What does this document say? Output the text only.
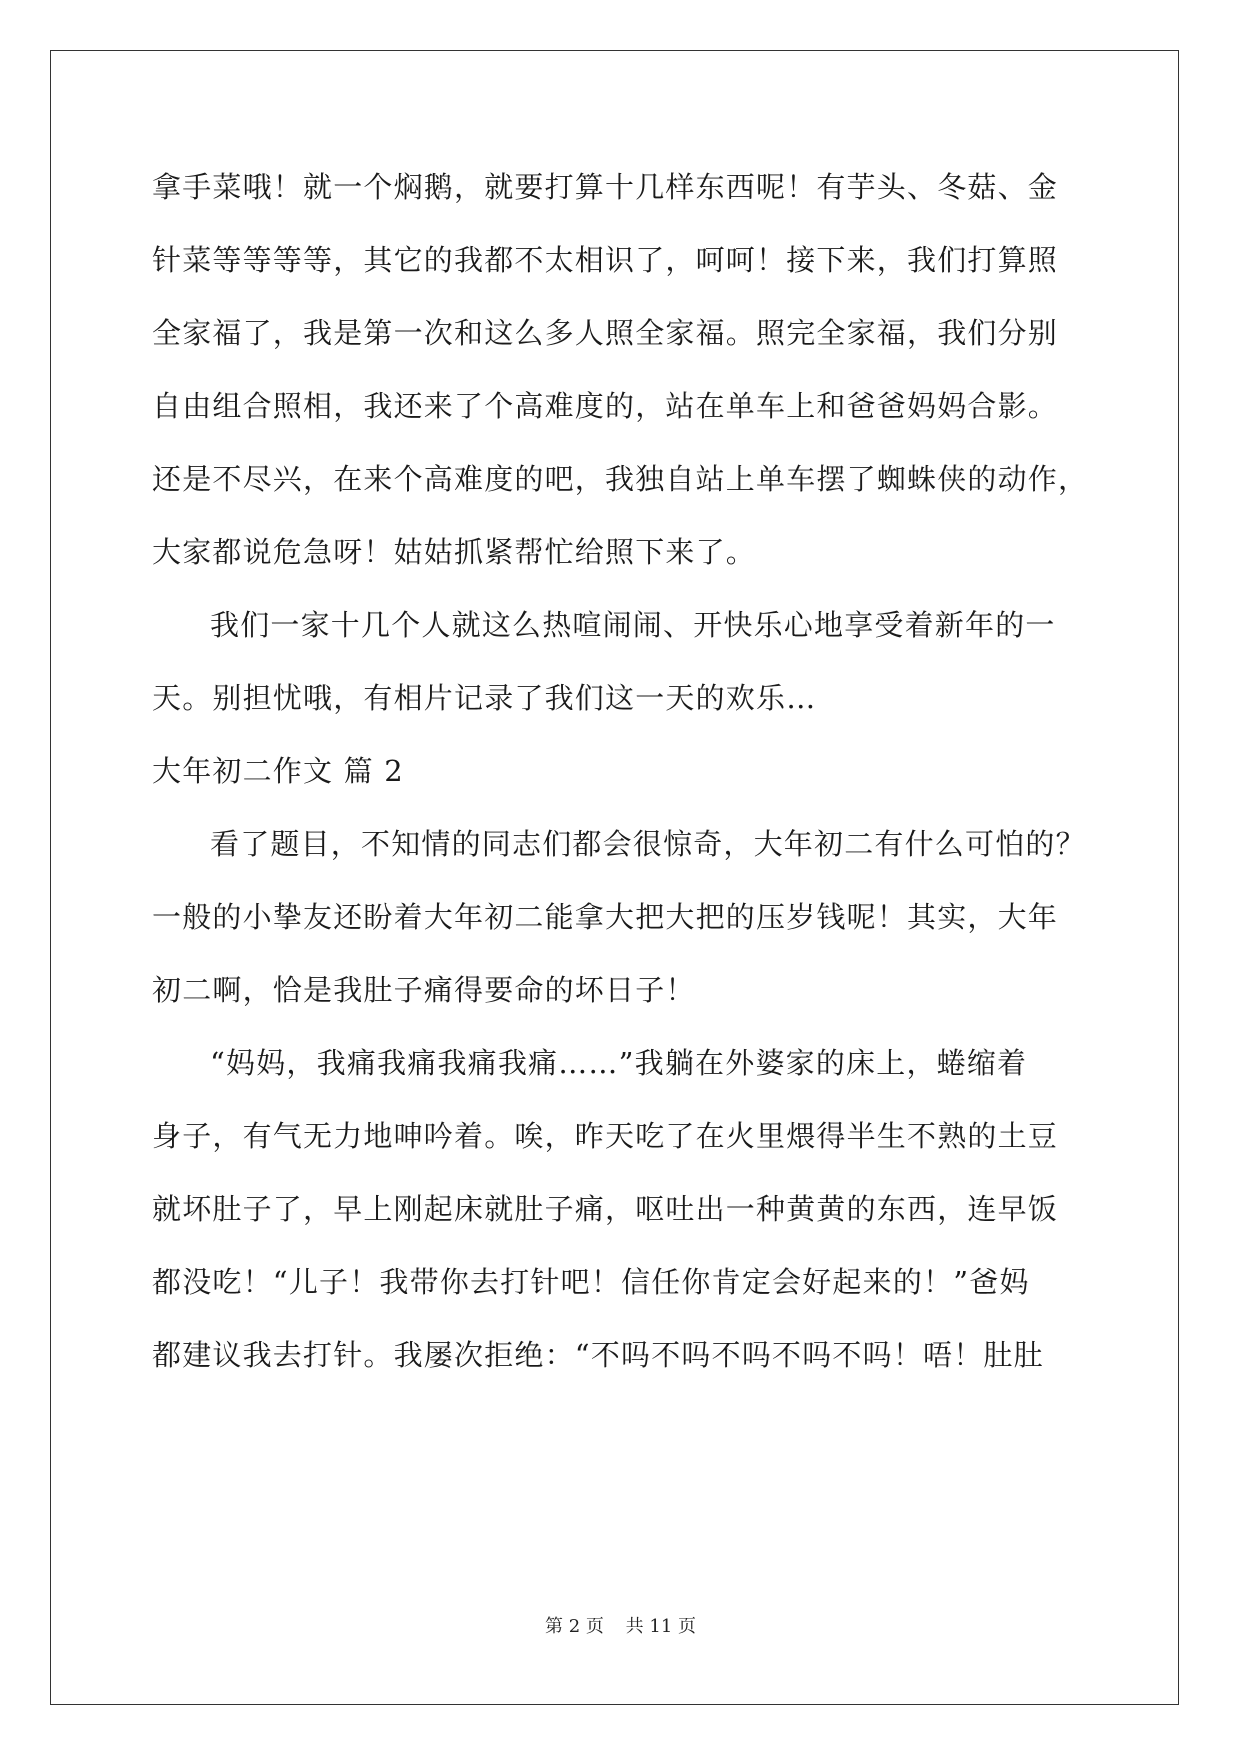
拿手菜哦！就一个焖鹅，就要打算十几样东西呢！有芋头、冬菇、金
针菜等等等等，其它的我都不太相识了，呵呵！接下来，我们打算照
全家福了，我是第一次和这么多人照全家福。照完全家福，我们分别
自由组合照相，我还来了个高难度的，站在单车上和爸爸妈妈合影。
还是不尽兴，在来个高难度的吧，我独自站上单车摆了蜘蛛侠的动作，
大家都说危急呀！姑姑抓紧帮忙给照下来了。
我们一家十几个人就这么热喧闹闹、开快乐心地享受着新年的一
天。别担忧哦，有相片记录了我们这一天的欢乐…
大年初二作文 篇 2
看了题目，不知情的同志们都会很惊奇，大年初二有什么可怕的？
一般的小挚友还盼着大年初二能拿大把大把的压岁钱呢！其实，大年
初二啊，恰是我肚子痛得要命的坏日子！
“妈妈，我痛我痛我痛我痛……”我躺在外婆家的床上，蜷缩着
身子，有气无力地呻吟着。唉，昨天吃了在火里煨得半生不熟的土豆
就坏肚子了，早上刚起床就肚子痛，呕吐出一种黄黄的东西，连早饭
都没吃！“儿子！我带你去打针吧！信任你肯定会好起来的！”爸妈
都建议我去打针。我屡次拒绝：“不吗不吗不吗不吗不吗！唔！肚肚
第 2 页 共 11 页
